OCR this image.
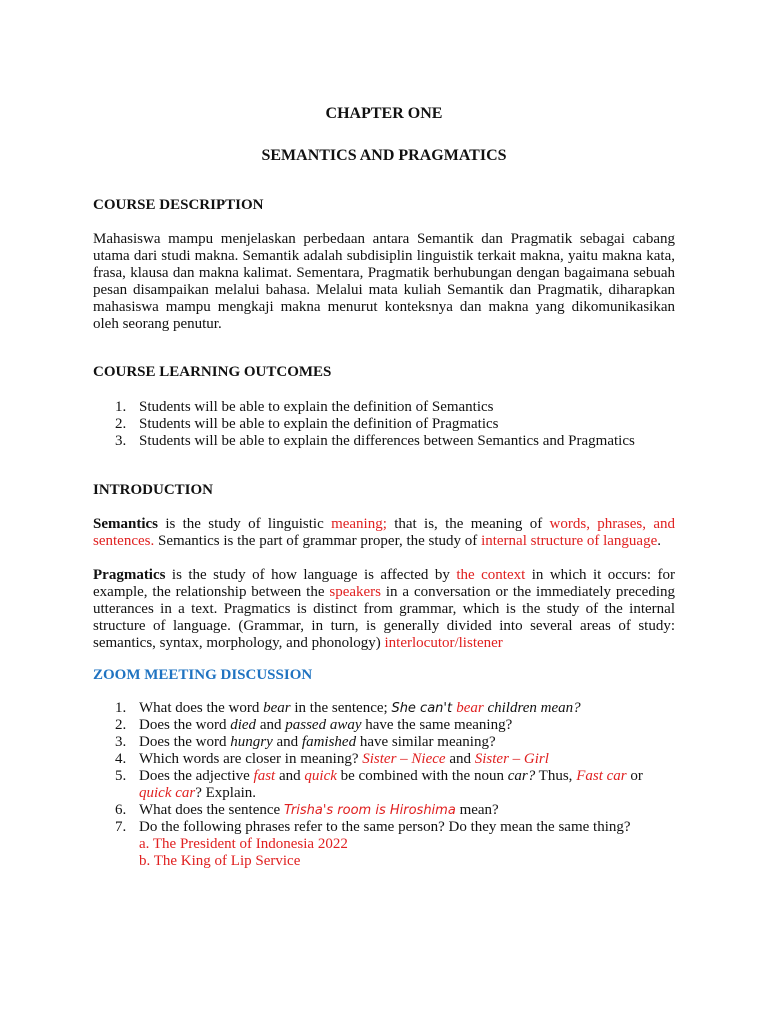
CHAPTER ONE
SEMANTICS AND PRAGMATICS
COURSE DESCRIPTION
Mahasiswa mampu menjelaskan perbedaan antara Semantik dan Pragmatik sebagai cabang utama dari studi makna. Semantik adalah subdisiplin linguistik terkait makna, yaitu makna kata, frasa, klausa dan makna kalimat. Sementara, Pragmatik berhubungan dengan bagaimana sebuah pesan disampaikan melalui bahasa. Melalui mata kuliah Semantik dan Pragmatik, diharapkan mahasiswa mampu mengkaji makna menurut konteksnya dan makna yang dikomunikasikan oleh seorang penutur.
COURSE LEARNING OUTCOMES
1. Students will be able to explain the definition of Semantics
2. Students will be able to explain the definition of Pragmatics
3. Students will be able to explain the differences between Semantics and Pragmatics
INTRODUCTION
Semantics is the study of linguistic meaning; that is, the meaning of words, phrases, and sentences. Semantics is the part of grammar proper, the study of internal structure of language.
Pragmatics is the study of how language is affected by the context in which it occurs: for example, the relationship between the speakers in a conversation or the immediately preceding utterances in a text. Pragmatics is distinct from grammar, which is the study of the internal structure of language. (Grammar, in turn, is generally divided into several areas of study: semantics, syntax, morphology, and phonology) interlocutor/listener
ZOOM MEETING DISCUSSION
1. What does the word bear in the sentence; She can't bear children mean?
2. Does the word died and passed away have the same meaning?
3. Does the word hungry and famished have similar meaning?
4. Which words are closer in meaning? Sister – Niece and Sister – Girl
5. Does the adjective fast and quick be combined with the noun car? Thus, Fast car or quick car? Explain.
6. What does the sentence Trisha's room is Hiroshima mean?
7. Do the following phrases refer to the same person? Do they mean the same thing?
a. The President of Indonesia 2022
b. The King of Lip Service
